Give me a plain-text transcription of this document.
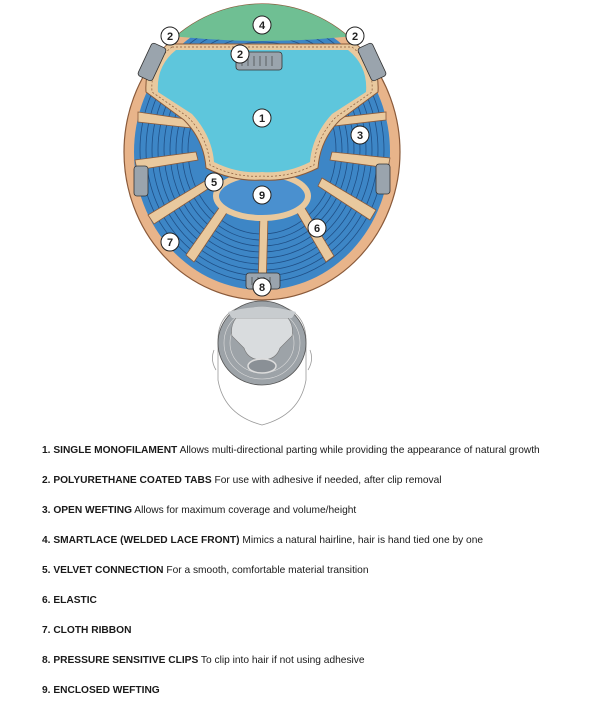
4
2
2
2
1
3
5
9
6
7
8
1. SINGLE MONOFILAMENT Allows multi-directional parting while providing the appearance of natural growth
2. POLYURETHANE COATED TABS For use with adhesive if needed, after clip removal
3. OPEN WEFTING Allows for maximum coverage and volume/height
4. SMARTLACE (WELDED LACE FRONT) Mimics a natural hairline, hair is hand tied one by one
5. VELVET CONNECTION For a smooth, comfortable material transition
6. ELASTIC
7. CLOTH RIBBON
8. PRESSURE SENSITIVE CLIPS To clip into hair if not using adhesive
9. ENCLOSED WEFTING
